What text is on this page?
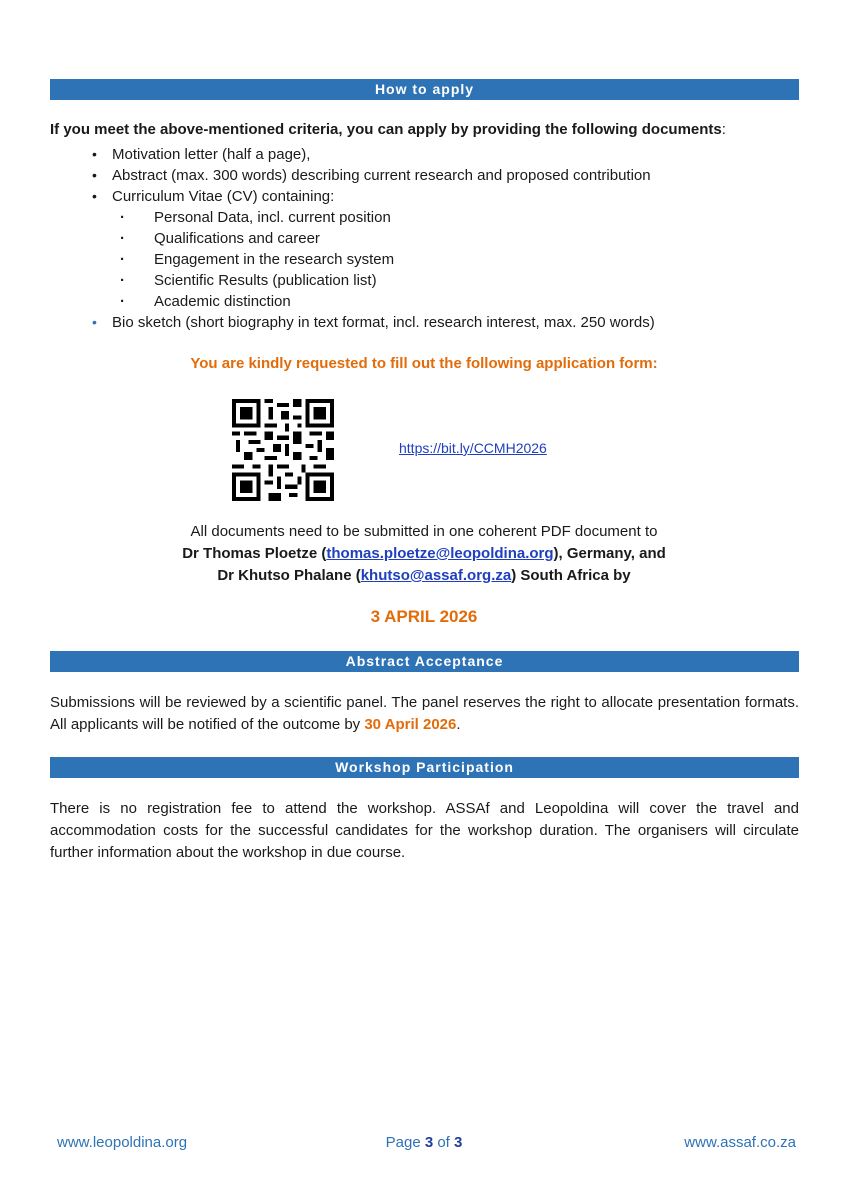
How to apply
If you meet the above-mentioned criteria, you can apply by providing the following documents:
• Motivation letter (half a page),
• Abstract (max. 300 words) describing current research and proposed contribution
• Curriculum Vitae (CV) containing:
· Personal Data, incl. current position
· Qualifications and career
· Engagement in the research system
· Scientific Results (publication list)
· Academic distinction
• Bio sketch (short biography in text format, incl. research interest, max. 250 words)
You are kindly requested to fill out the following application form:
https://bit.ly/CCMH2026
All documents need to be submitted in one coherent PDF document to
Dr Thomas Ploetze (thomas.ploetze@leopoldina.org), Germany, and
Dr Khutso Phalane (khutso@assaf.org.za) South Africa by
3 APRIL 2026
Abstract Acceptance
Submissions will be reviewed by a scientific panel. The panel reserves the right to allocate presentation formats. All applicants will be notified of the outcome by 30 April 2026.
Workshop Participation
There is no registration fee to attend the workshop. ASSAf and Leopoldina will cover the travel and accommodation costs for the successful candidates for the workshop duration. The organisers will circulate further information about the workshop in due course.
www.leopoldina.org	Page 3 of 3	www.assaf.co.za
